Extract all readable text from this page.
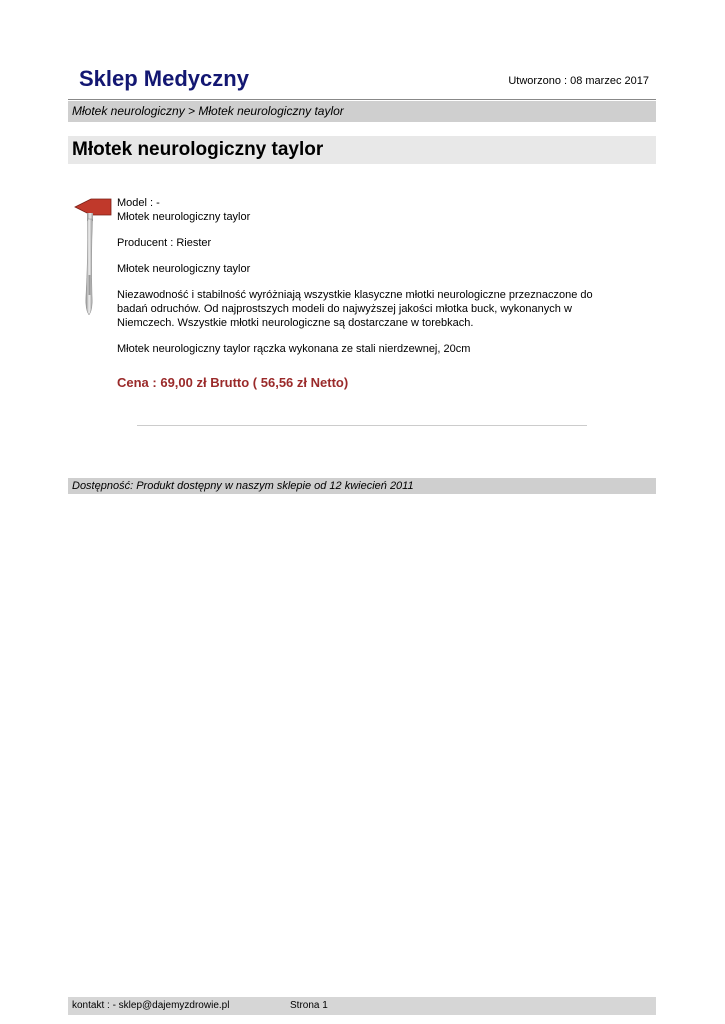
Sklep Medyczny	Utworzono : 08 marzec 2017
Młotek neurologiczny > Młotek neurologiczny taylor
Młotek neurologiczny taylor

Model : -

Młotek neurologiczny taylor

Producent : Riester

Młotek neurologiczny taylor

Niezawodność i stabilność wyróżniają wszystkie klasyczne młotki neurologiczne przeznaczone do badań odruchów. Od najprostszych modeli do najwyższej jakości młotka buck, wykonanych w Niemczech. Wszystkie młotki neurologiczne są dostarczane w torebkach.

Młotek neurologiczny taylor rączka wykonana ze stali nierdzewnej, 20cm

Cena : 69,00 zł Brutto ( 56,56 zł Netto)
Dostępność: Produkt dostępny w naszym sklepie od 12 kwiecień 2011
kontakt : - sklep@dajemyzdrowie.pl	Strona 1
